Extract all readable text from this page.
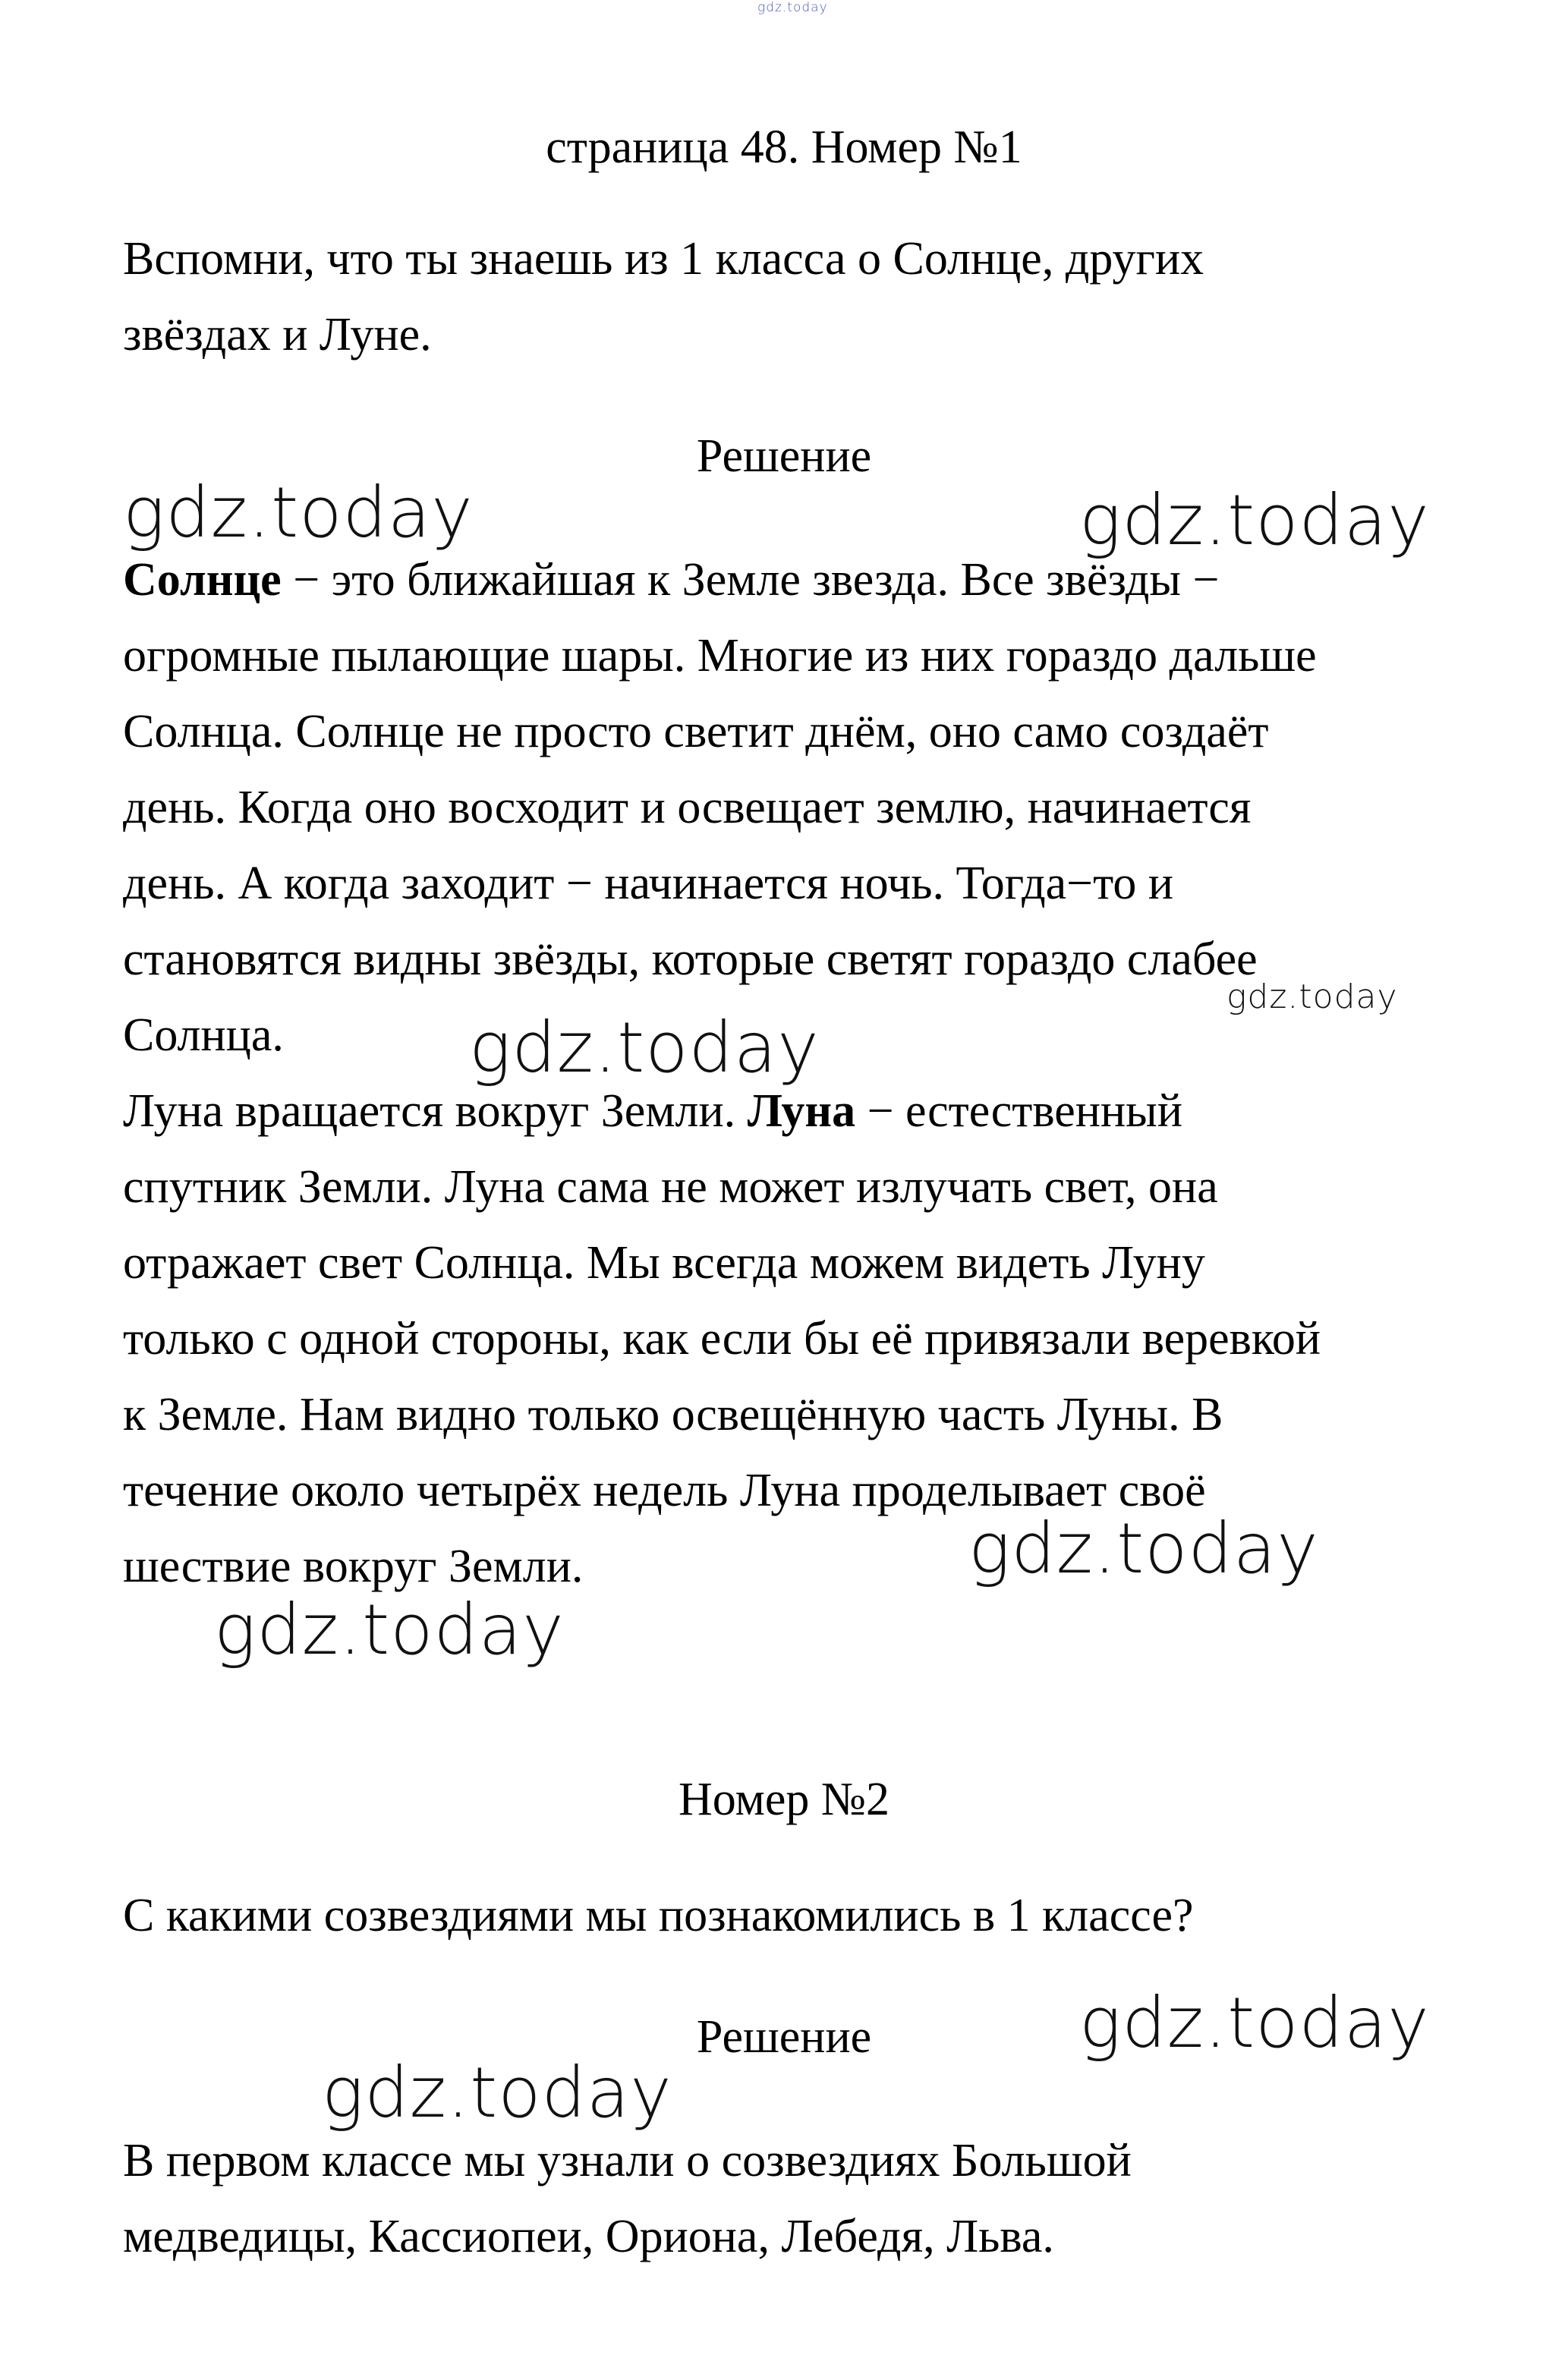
gdz.today
страница 48. Номер №1
Вспомни, что ты знаешь из 1 класса о Солнце, других
звёздах и Луне.
Решение
Солнце − это ближайшая к Земле звезда. Все звёзды −
огромные пылающие шары. Многие из них гораздо дальше
Солнца. Солнце не просто светит днём, оно само создаёт
день. Когда оно восходит и освещает землю, начинается
день. А когда заходит − начинается ночь. Тогда−то и
становятся видны звёзды, которые светят гораздо слабее
Солнца.
Луна вращается вокруг Земли. Луна − естественный
спутник Земли. Луна сама не может излучать свет, она
отражает свет Солнца. Мы всегда можем видеть Луну
только с одной стороны, как если бы её привязали веревкой
к Земле. Нам видно только освещённую часть Луны. В
течение около четырёх недель Луна проделывает своё
шествие вокруг Земли.
Номер №2
С какими созвездиями мы познакомились в 1 классе?
Решение
В первом классе мы узнали о созвездиях Большой
медведицы, Кассиопеи, Ориона, Лебедя, Льва.
gdz.today	gdz.today
gdz.today
gdz.today
gdz.today
gdz.today
gdz.today
gdz.today
